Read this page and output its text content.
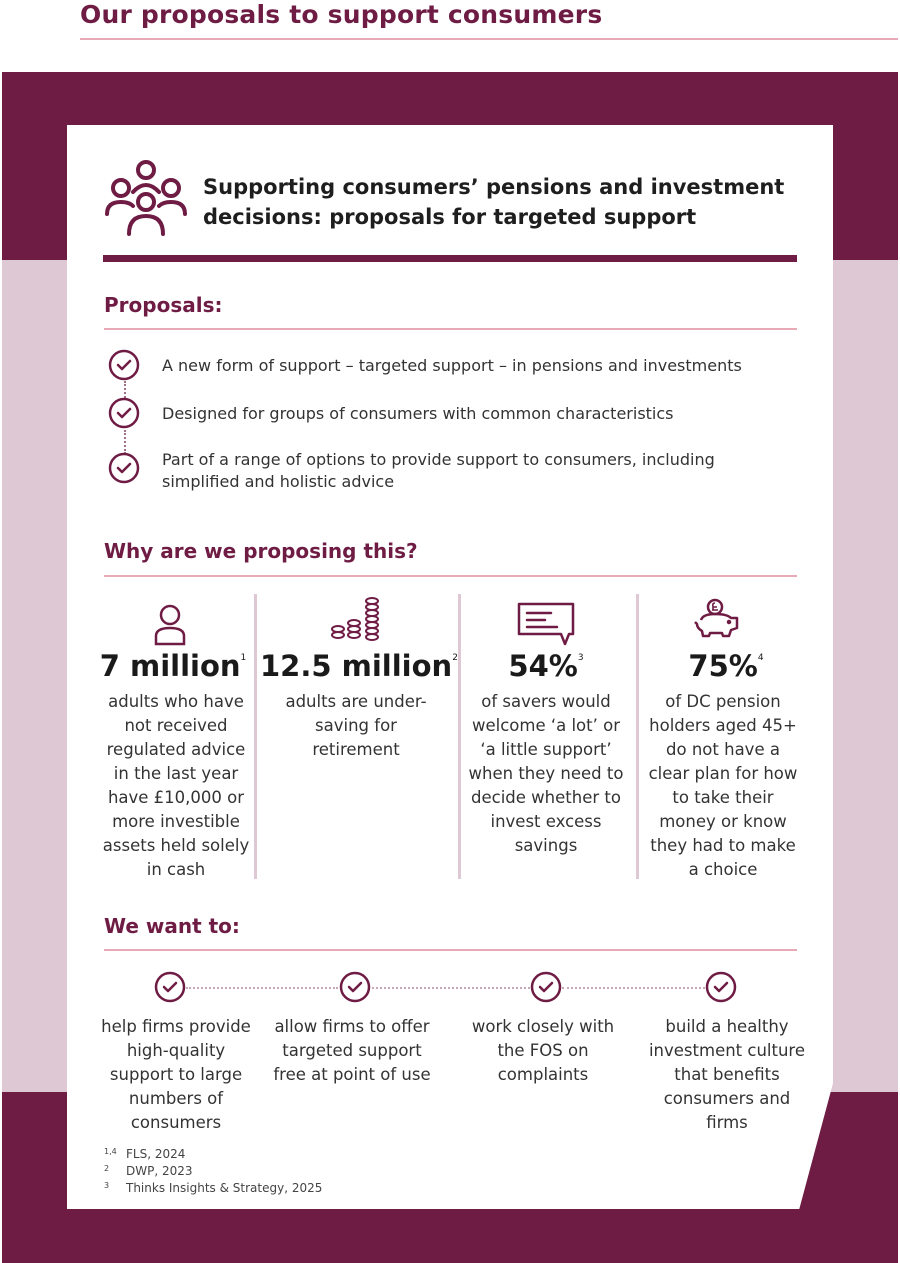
Our proposals to support consumers
Supporting consumers’ pensions and investment decisions: proposals for targeted support
Proposals:
A new form of support – targeted support – in pensions and investments
Designed for groups of consumers with common characteristics
Part of a range of options to provide support to consumers, including simplified and holistic advice
Why are we proposing this?
7 million$^1$
adults who have not received regulated advice in the last year have £10,000 or more investible assets held solely in cash
12.5 million$^2$
adults are under-saving for retirement
54%$^3$
of savers would welcome ‘a lot’ or ‘a little support’ when they need to decide whether to invest excess savings
75%$^4$
of DC pension holders aged 45+ do not have a clear plan for how to take their money or know they had to make a choice
We want to:
help firms provide high-quality support to large numbers of consumers
allow firms to offer targeted support free at point of use
work closely with the FOS on complaints
build a healthy investment culture that benefits consumers and firms
1,4 FLS, 2024
2 DWP, 2023
3 Thinks Insights & Strategy, 2025
